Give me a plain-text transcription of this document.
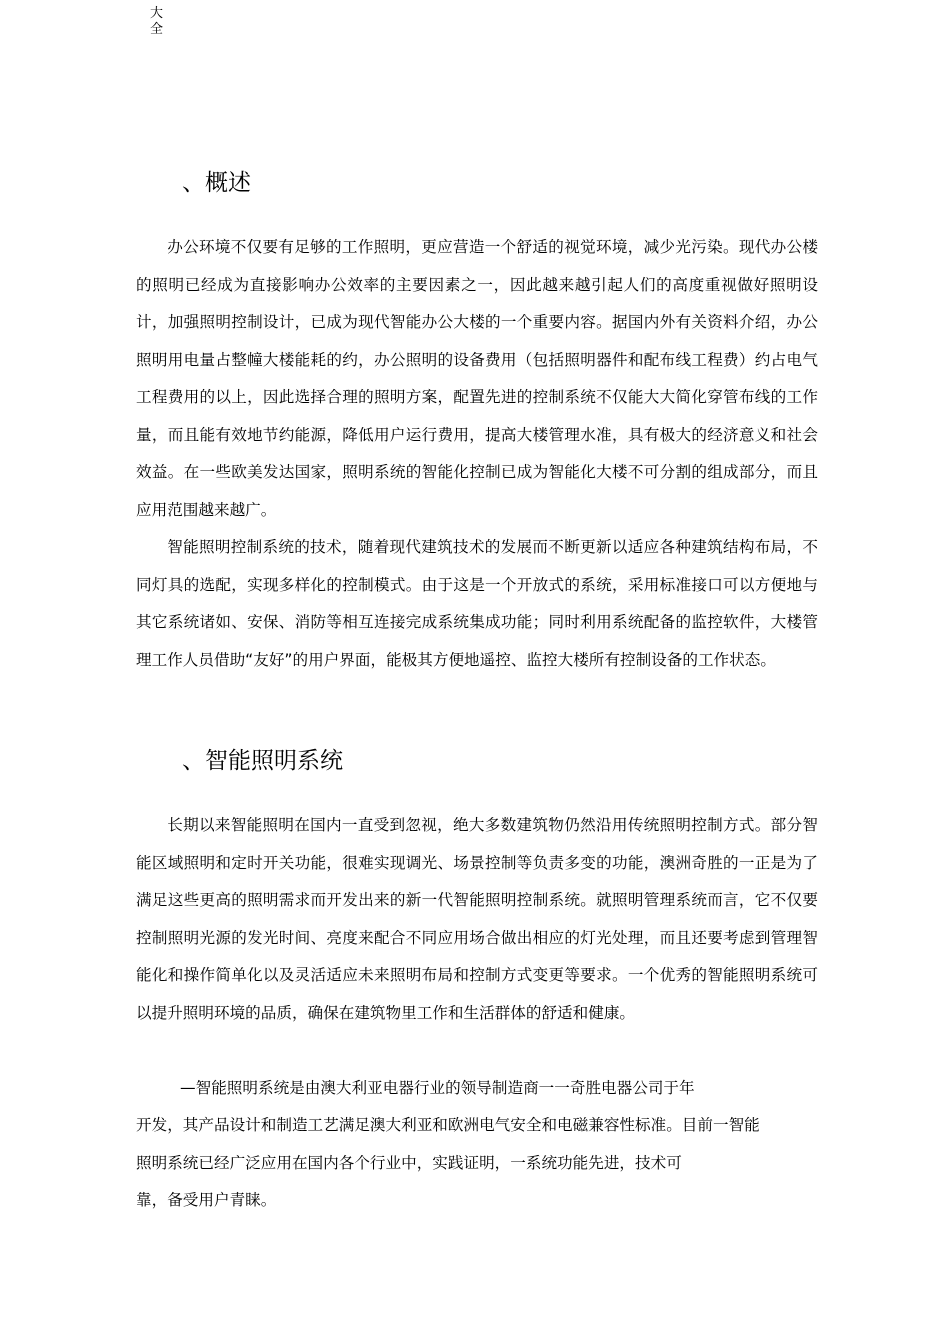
大
全
、概述

办公环境不仅要有足够的工作照明，更应营造一个舒适的视觉环境，减少光污染。现代办公楼的照明已经成为直接影响办公效率的主要因素之一，因此越来越引起人们的高度重视做好照明设计，加强照明控制设计，已成为现代智能办公大楼的一个重要内容。据国内外有关资料介绍，办公照明用电量占整幢大楼能耗的约，办公照明的设备费用（包括照明器件和配布线工程费）约占电气工程费用的以上，因此选择合理的照明方案，配置先进的控制系统不仅能大大简化穿管布线的工作量，而且能有效地节约能源，降低用户运行费用，提高大楼管理水准，具有极大的经济意义和社会效益。在一些欧美发达国家，照明系统的智能化控制已成为智能化大楼不可分割的组成部分，而且应用范围越来越广。

智能照明控制系统的技术，随着现代建筑技术的发展而不断更新以适应各种建筑结构布局，不同灯具的选配，实现多样化的控制模式。由于这是一个开放式的系统，采用标准接口可以方便地与其它系统诸如、安保、消防等相互连接完成系统集成功能；同时利用系统配备的监控软件，大楼管理工作人员借助“友好”的用户界面，能极其方便地遥控、监控大楼所有控制设备的工作状态。

、智能照明系统

长期以来智能照明在国内一直受到忽视，绝大多数建筑物仍然沿用传统照明控制方式。部分智能区域照明和定时开关功能，很难实现调光、场景控制等负责多变的功能，澳洲奇胜的一正是为了满足这些更高的照明需求而开发出来的新一代智能照明控制系统。就照明管理系统而言，它不仅要控制照明光源的发光时间、亮度来配合不同应用场合做出相应的灯光处理，而且还要考虑到管理智能化和操作简单化以及灵活适应未来照明布局和控制方式变更等要求。一个优秀的智能照明系统可以提升照明环境的品质，确保在建筑物里工作和生活群体的舒适和健康。

—智能照明系统是由澳大利亚电器行业的领导制造商一一奇胜电器公司于年

开发，其产品设计和制造工艺满足澳大利亚和欧洲电气安全和电磁兼容性标准。目前一智能

照明系统已经广泛应用在国内各个行业中，实践证明，一系统功能先进，技术可

靠，备受用户青睐。
